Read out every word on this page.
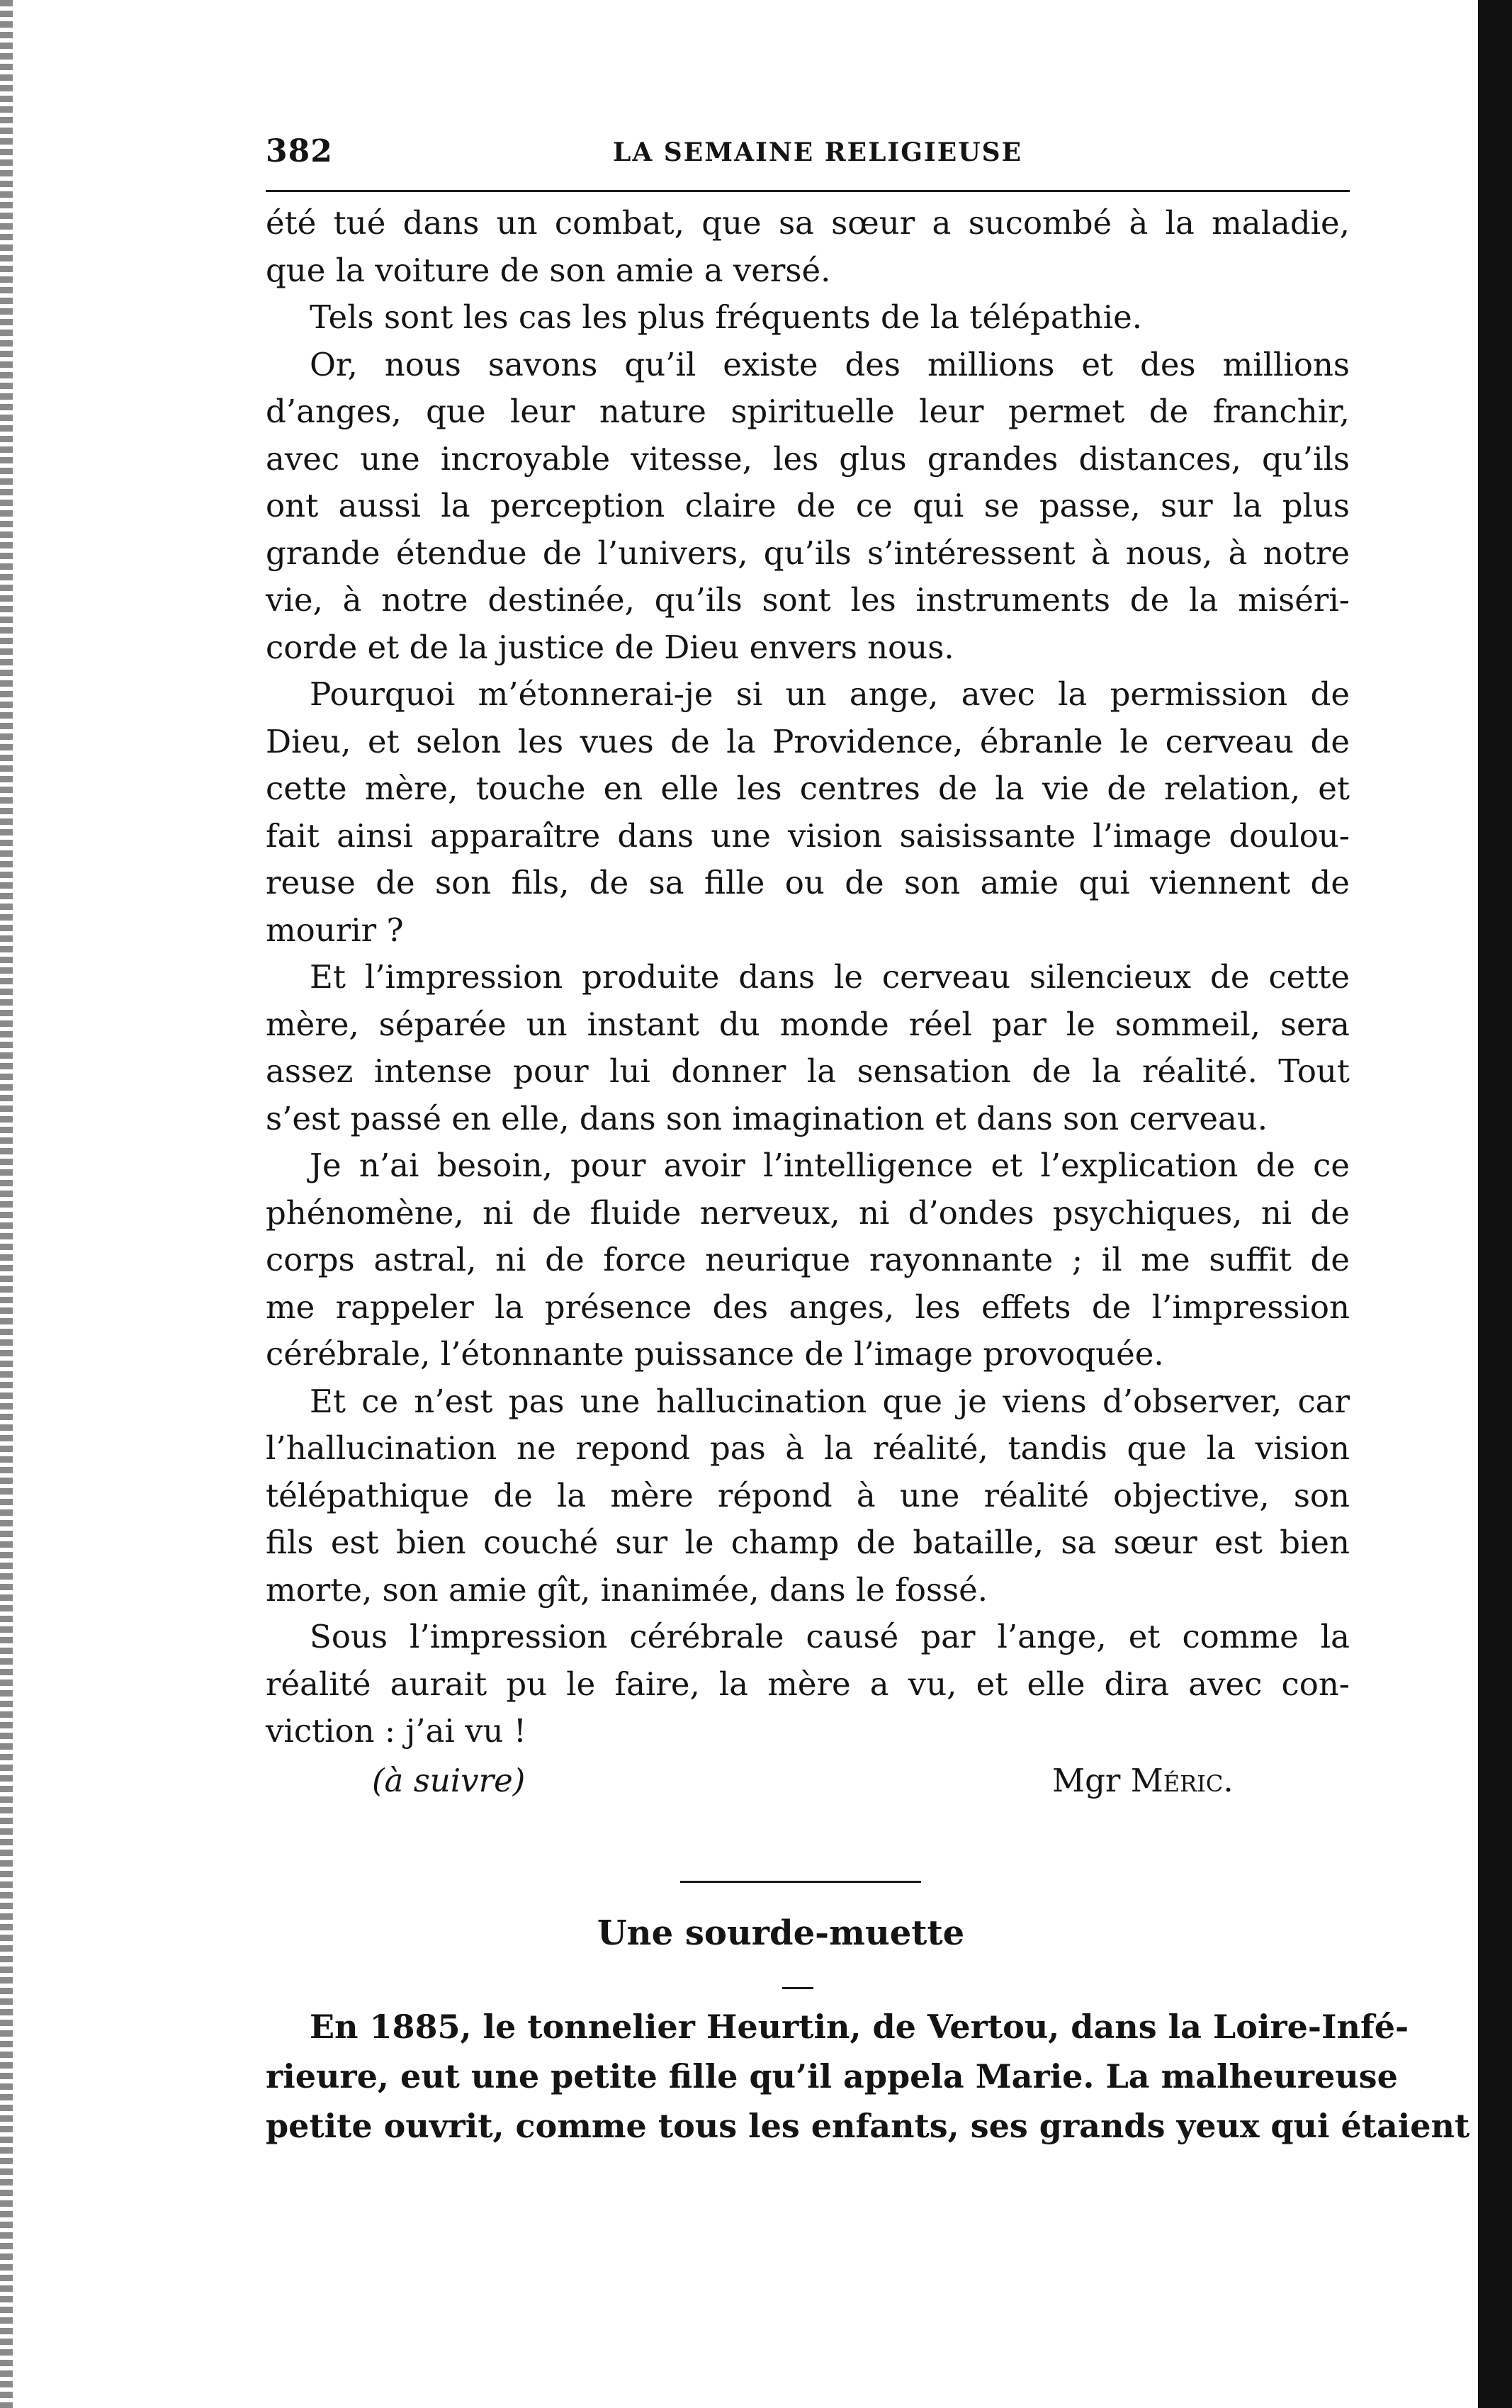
382	LA SEMAINE RELIGIEUSE
été tué dans un combat, que sa sœur a sucombé à la maladie,
que la voiture de son amie a versé.
Tels sont les cas les plus fréquents de la télépathie.
Or, nous savons qu’il existe des millions et des millions
d’anges, que leur nature spirituelle leur permet de franchir,
avec une incroyable vitesse, les glus grandes distances, qu’ils
ont aussi la perception claire de ce qui se passe, sur la plus
grande étendue de l’univers, qu’ils s’intéressent à nous, à notre
vie, à notre destinée, qu’ils sont les instruments de la miséri-
corde et de la justice de Dieu envers nous.
Pourquoi m’étonnerai-je si un ange, avec la permission de
Dieu, et selon les vues de la Providence, ébranle le cerveau de
cette mère, touche en elle les centres de la vie de relation, et
fait ainsi apparaître dans une vision saisissante l’image doulou-
reuse de son fils, de sa fille ou de son amie qui viennent de
mourir ?
Et l’impression produite dans le cerveau silencieux de cette
mère, séparée un instant du monde réel par le sommeil, sera
assez intense pour lui donner la sensation de la réalité. Tout
s’est passé en elle, dans son imagination et dans son cerveau.
Je n’ai besoin, pour avoir l’intelligence et l’explication de ce
phénomène, ni de fluide nerveux, ni d’ondes psychiques, ni de
corps astral, ni de force neurique rayonnante ; il me suffit de
me rappeler la présence des anges, les effets de l’impression
cérébrale, l’étonnante puissance de l’image provoquée.
Et ce n’est pas une hallucination que je viens d’observer, car
l’hallucination ne repond pas à la réalité, tandis que la vision
télépathique de la mère répond à une réalité objective, son
fils est bien couché sur le champ de bataille, sa sœur est bien
morte, son amie gît, inanimée, dans le fossé.
Sous l’impression cérébrale causé par l’ange, et comme la
réalité aurait pu le faire, la mère a vu, et elle dira avec con-
viction : j’ai vu !
(à suivre)	Mgr Méric.
Une sourde-muette
En 1885, le tonnelier Heurtin, de Vertou, dans la Loire-Infé-
rieure, eut une petite fille qu’il appela Marie. La malheureuse
petite ouvrit, comme tous les enfants, ses grands yeux qui étaient
